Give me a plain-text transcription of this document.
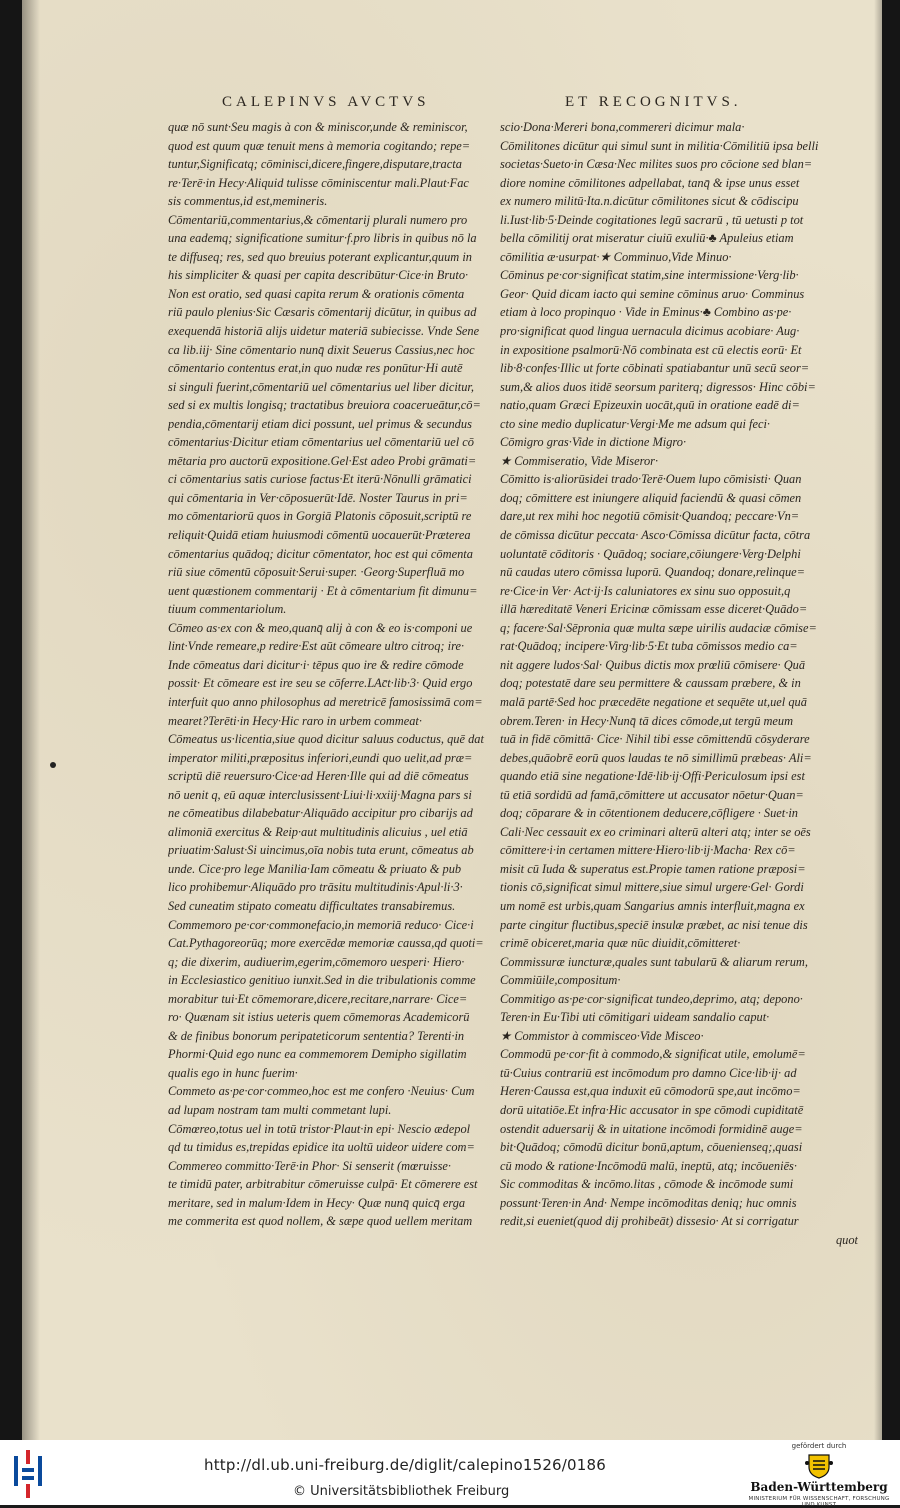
CALEPINVS AVCTVS	ET RECOGNITVS.
quæ nō sunt·Seu magis à con & miniscor,unde & reminiscor,
quod est quum quæ tenuit mens à memoria cogitando; repe=
tuntur,Significatq; cōminisci,dicere,fingere,disputare,tracta
re·Terē·in Hecy·Aliquid tulisse cōminiscentur mali.Plaut·Fac
sis commentus,id est,memineris.
Cōmentariū,commentarius,& cōmentarij plurali numero pro
una eademq; significatione sumitur·f.pro libris in quibus nō la
te diffuseq; res, sed quo breuius poterant explicantur,quum in
his simpliciter & quasi per capita describūtur·Cice·in Bruto·
Non est oratio, sed quasi capita rerum & orationis cōmenta
riū paulo plenius·Sic Cæsaris cōmentarij dicūtur, in quibus ad
exequendā historiā alijs uidetur materiā subiecisse. Vnde Sene
ca lib.iij· Sine cōmentario nunq̄ dixit Seuerus Cassius,nec hoc
cōmentario contentus erat,in quo nudæ res ponūtur·Hi autē
si singuli fuerint,cōmentariū uel cōmentarius uel liber dicitur,
sed si ex multis longisq; tractatibus breuiora coacerueātur,cō=
pendia,cōmentarij etiam dici possunt, uel primus & secundus
cōmentarius·Dicitur etiam cōmentarius uel cōmentariū uel cō
mētaria pro auctorū expositione.Gel·Est adeo Probi grāmati=
ci cōmentarius satis curiose factus·Et iterū·Nōnulli grāmatici
qui cōmentaria in Ver·cōposuerūt·Idē. Noster Taurus in pri=
mo cōmentariorū quos in Gorgiā Platonis cōposuit,scriptū re
reliquit·Quidā etiam huiusmodi cōmentū uocauerūt·Præterea
cōmentarius quādoq; dicitur cōmentator, hoc est qui cōmenta
riū siue cōmentū cōposuit·Serui·super. ·Georg·Superfluā mo
uent quæstionem commentarij · Et à cōmentarium fit dimunu=
tiuum commentariolum.
Cōmeo as·ex con & meo,quanq̄ alij à con & eo is·componi ue
lint·Vnde remeare,p redire·Est aūt cōmeare ultro citroq; ire·
Inde cōmeatus dari dicitur·i· tēpus quo ire & redire cōmode
possit· Et cōmeare est ire seu se cōferre.LAc̄t·lib·3· Quid ergo
interfuit quo anno philosophus ad meretricē famosissimā com=
mearet?Terēti·in Hecy·Hic raro in urbem commeat·
Cōmeatus us·licentia,siue quod dicitur saluus coductus, quē dat
imperator militi,præpositus inferiori,eundi quo uelit,ad præ=
scriptū diē reuersuro·Cice·ad Heren·Ille qui ad diē cōmeatus
nō uenit q, eū aquæ interclusissent·Liui·li·xxiij·Magna pars si
ne cōmeatibus dilabebatur·Aliquādo accipitur pro cibarijs ad
alimoniā exercitus & Reip·aut multitudinis alicuius , uel etiā
priuatim·Salust·Si uincimus,oīa nobis tuta erunt, cōmeatus ab
unde. Cice·pro lege Manilia·Iam cōmeatu & priuato & pub
lico prohibemur·Aliquādo pro trāsitu multitudinis·Apul·li·3·
Sed cuneatim stipato comeatu difficultates transabiremus.
Commemoro pe·cor·commonefacio,in memoriā reduco· Cice·i
Cat.Pythagoreorūq; more exercēdæ memoriæ caussa,qd quoti=
q; die dixerim, audiuerim,egerim,cōmemoro uesperi· Hiero·
in Ecclesiastico genitiuo iunxit.Sed in die tribulationis comme
morabitur tui·Et cōmemorare,dicere,recitare,narrare· Cice=
ro· Quænam sit istius ueteris quem cōmemoras Academicorū
& de finibus bonorum peripateticorum sententia? Terenti·in
Phormi·Quid ego nunc ea commemorem Demipho sigillatim
qualis ego in hunc fuerim·
Commeto as·pe·cor·commeo,hoc est me confero ·Neuius· Cum
ad lupam nostram tam multi commetant lupi.
Cōmœreo,totus uel in totū tristor·Plaut·in epi· Nescio ædepol
qd tu timidus es,trepidas epidice ita uoltū uideor uidere com=
Commereo committo·Terē·in Phor· Si senserit (mœruisse·
te timidū pater, arbitrabitur cōmeruisse culpā· Et cōmerere est
meritare, sed in malum·Idem in Hecy· Quæ nunq̄ quicq̄ erga
me commerita est quod nollem, & sæpe quod uellem meritam
scio·Dona·Mereri bona,commereri dicimur mala·
Cōmilitones dicūtur qui simul sunt in militia·Cōmilitiū ipsa belli
societas·Sueto·in Cæsa·Nec milites suos pro cōcione sed blan=
diore nomine cōmilitones adpellabat, tanq̄ & ipse unus esset
ex numero militū·Ita.n.dicūtur cōmilitones sicut & cōdiscipu
li.Iust·lib·5·Deinde cogitationes legū sacrarū , tū uetusti p tot
bella cōmilitij orat miseratur ciuiū exuliū·♣ Apuleius etiam
cōmilitia æ·usurpat·★ Comminuo,Vide Minuo·
Cōminus pe·cor·significat statim,sine intermissione·Verg·lib·
Geor· Quid dicam iacto qui semine cōminus aruo· Comminus
etiam à loco propinquo · Vide in Eminus·♣ Combino as·pe·
pro·significat quod lingua uernacula dicimus acobiare· Aug·
in expositione psalmorū·Nō combinata est cū electis eorū· Et
lib·8·confes·Illic ut forte cōbinati spatiabantur unū secū seor=
sum,& alios duos itidē seorsum pariterq; digressos· Hinc cōbi=
natio,quam Græci Epizeuxin uocāt,quū in oratione eadē di=
cto sine medio duplicatur·Vergi·Me me adsum qui feci·
Cōmigro gras·Vide in dictione Migro·
★ Commiseratio, Vide Miseror·
Cōmitto is·aliorūsidei trado·Terē·Ouem lupo cōmisisti· Quan
doq; cōmittere est iniungere aliquid faciendū & quasi cōmen
dare,ut rex mihi hoc negotiū cōmisit·Quandoq; peccare·Vn=
de cōmissa dicūtur peccata· Asco·Cōmissa dicūtur facta, cōtra
uoluntatē cōditoris · Quādoq; sociare,cōiungere·Verg·Delphi
nū caudas utero cōmissa luporū. Quandoq; donare,relinque=
re·Cice·in Ver· Act·ij·Is caluniatores ex sinu suo opposuit,q
illā hæreditatē Veneri Ericinæ cōmissam esse diceret·Quādo=
q; facere·Sal·Sēpronia quæ multa sæpe uirilis audaciæ cōmise=
rat·Quādoq; incipere·Virg·lib·5·Et tuba cōmissos medio ca=
nit aggere ludos·Sal· Quibus dictis mox prœliū cōmisere· Quā
doq; potestatē dare seu permittere & caussam præbere, & in
malā partē·Sed hoc præcedēte negatione et sequēte ut,uel quā
obrem.Teren· in Hecy·Nunq̄ tā dices cōmode,ut tergū meum
tuā in fidē cōmittā· Cice· Nihil tibi esse cōmittendū cōsyderare
debes,quāobrē eorū quos laudas te nō simillimū præbeas· Ali=
quando etiā sine negatione·Idē·lib·ij·Offi·Periculosum ipsi est
tū etiā sordidū ad famā,cōmittere ut accusator nōetur·Quan=
doq; cōparare & in cōtentionem deducere,cōfligere · Suet·in
Cali·Nec cessauit ex eo criminari alterū alteri atq; inter se oēs
cōmittere·i·in certamen mittere·Hiero·lib·ij·Macha· Rex cō=
misit cū Iuda & superatus est.Propie tamen ratione præposi=
tionis cō,significat simul mittere,siue simul urgere·Gel· Gordi
um nomē est urbis,quam Sangarius amnis interfluit,magna ex
parte cingitur fluctibus,speciē insulæ præbet, ac nisi tenue dis
crimē obiceret,maria quæ nūc diuidit,cōmitteret·
Commissuræ iuncturæ,quales sunt tabularū & aliarum rerum,
Commiūile,compositum·
Commitigo as·pe·cor·significat tundeo,deprimo, atq; depono·
Teren·in Eu·Tibi uti cōmitigari uideam sandalio caput·
★ Commistor à commisceo·Vide Misceo·
Commodū pe·cor·fit à commodo,& significat utile, emolumē=
tū·Cuius contrariū est incōmodum pro damno Cice·lib·ij· ad
Heren·Caussa est,qua induxit eū cōmodorū spe,aut incōmo=
dorū uitatiōe.Et infra·Hic accusator in spe cōmodi cupiditatē
ostendit aduersarij & in uitatione incōmodi formidinē auge=
bit·Quādoq; cōmodū dicitur bonū,aptum, cōuenienseq;,quasi
cū modo & ratione·Incōmodū malū, ineptū, atq; incōueniēs·
Sic commoditas & incōmo.litas , cōmode & incōmode sumi
possunt·Teren·in And· Nempe incōmoditas deniq; huc omnis
redit,si eueniet(quod dij prohibeāt) dissesio· At si corrigatur
quot
http://dl.ub.uni-freiburg.de/diglit/calepino1526/0186
© Universitätsbibliothek Freiburg
gefördert durch
Baden-Württemberg
MINISTERIUM FÜR WISSENSCHAFT, FORSCHUNG UND KUNST
